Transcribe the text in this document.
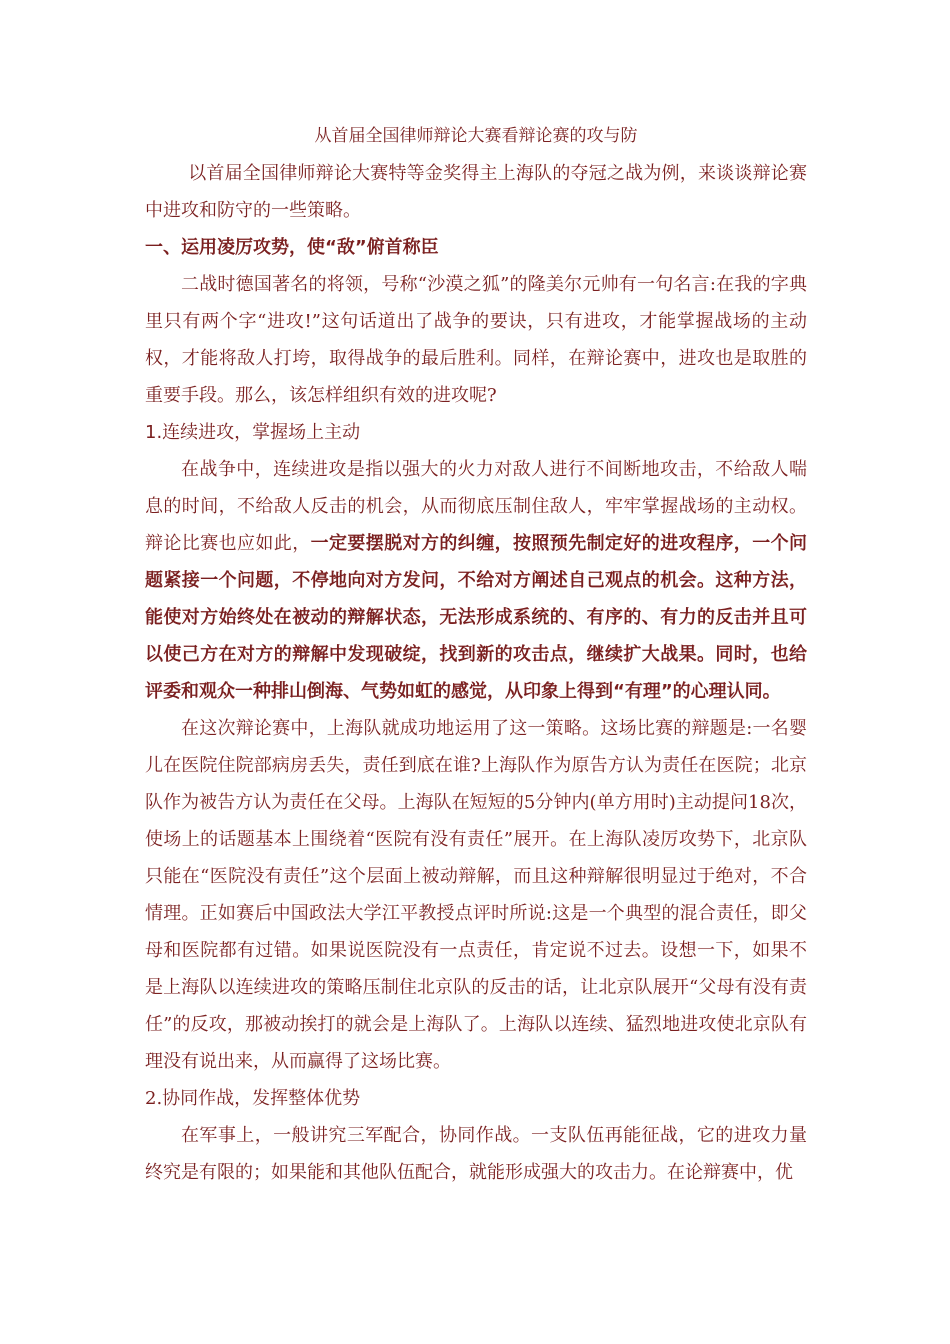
从首届全国律师辩论大赛看辩论赛的攻与防

以首届全国律师辩论大赛特等金奖得主上海队的夺冠之战为例，来谈谈辩论赛中进攻和防守的一些策略。

一、运用凌厉攻势，使“敌”俯首称臣

二战时德国著名的将领，号称“沙漠之狐”的隆美尔元帅有一句名言:在我的字典里只有两个字“进攻!”这句话道出了战争的要诀，只有进攻，才能掌握战场的主动权，才能将敌人打垮，取得战争的最后胜利。同样，在辩论赛中，进攻也是取胜的重要手段。那么，该怎样组织有效的进攻呢?

1.连续进攻，掌握场上主动

在战争中，连续进攻是指以强大的火力对敌人进行不间断地攻击，不给敌人喘息的时间，不给敌人反击的机会，从而彻底压制住敌人，牢牢掌握战场的主动权。辩论比赛也应如此，一定要摆脱对方的纠缠，按照预先制定好的进攻程序，一个问题紧接一个问题，不停地向对方发问，不给对方阐述自己观点的机会。这种方法，能使对方始终处在被动的辩解状态，无法形成系统的、有序的、有力的反击并且可以使己方在对方的辩解中发现破绽，找到新的攻击点，继续扩大战果。同时，也给评委和观众一种排山倒海、气势如虹的感觉，从印象上得到“有理”的心理认同。

在这次辩论赛中，上海队就成功地运用了这一策略。这场比赛的辩题是:一名婴儿在医院住院部病房丢失，责任到底在谁?上海队作为原告方认为责任在医院；北京队作为被告方认为责任在父母。上海队在短短的5分钟内(单方用时)主动提问18次，使场上的话题基本上围绕着“医院有没有责任”展开。在上海队凌厉攻势下，北京队只能在“医院没有责任”这个层面上被动辩解，而且这种辩解很明显过于绝对，不合情理。正如赛后中国政法大学江平教授点评时所说:这是一个典型的混合责任，即父母和医院都有过错。如果说医院没有一点责任，肯定说不过去。设想一下，如果不是上海队以连续进攻的策略压制住北京队的反击的话，让北京队展开“父母有没有责任”的反攻，那被动挨打的就会是上海队了。上海队以连续、猛烈地进攻使北京队有理没有说出来，从而赢得了这场比赛。

2.协同作战，发挥整体优势

在军事上，一般讲究三军配合，协同作战。一支队伍再能征战，它的进攻力量终究是有限的；如果能和其他队伍配合，就能形成强大的攻击力。在论辩赛中，优
